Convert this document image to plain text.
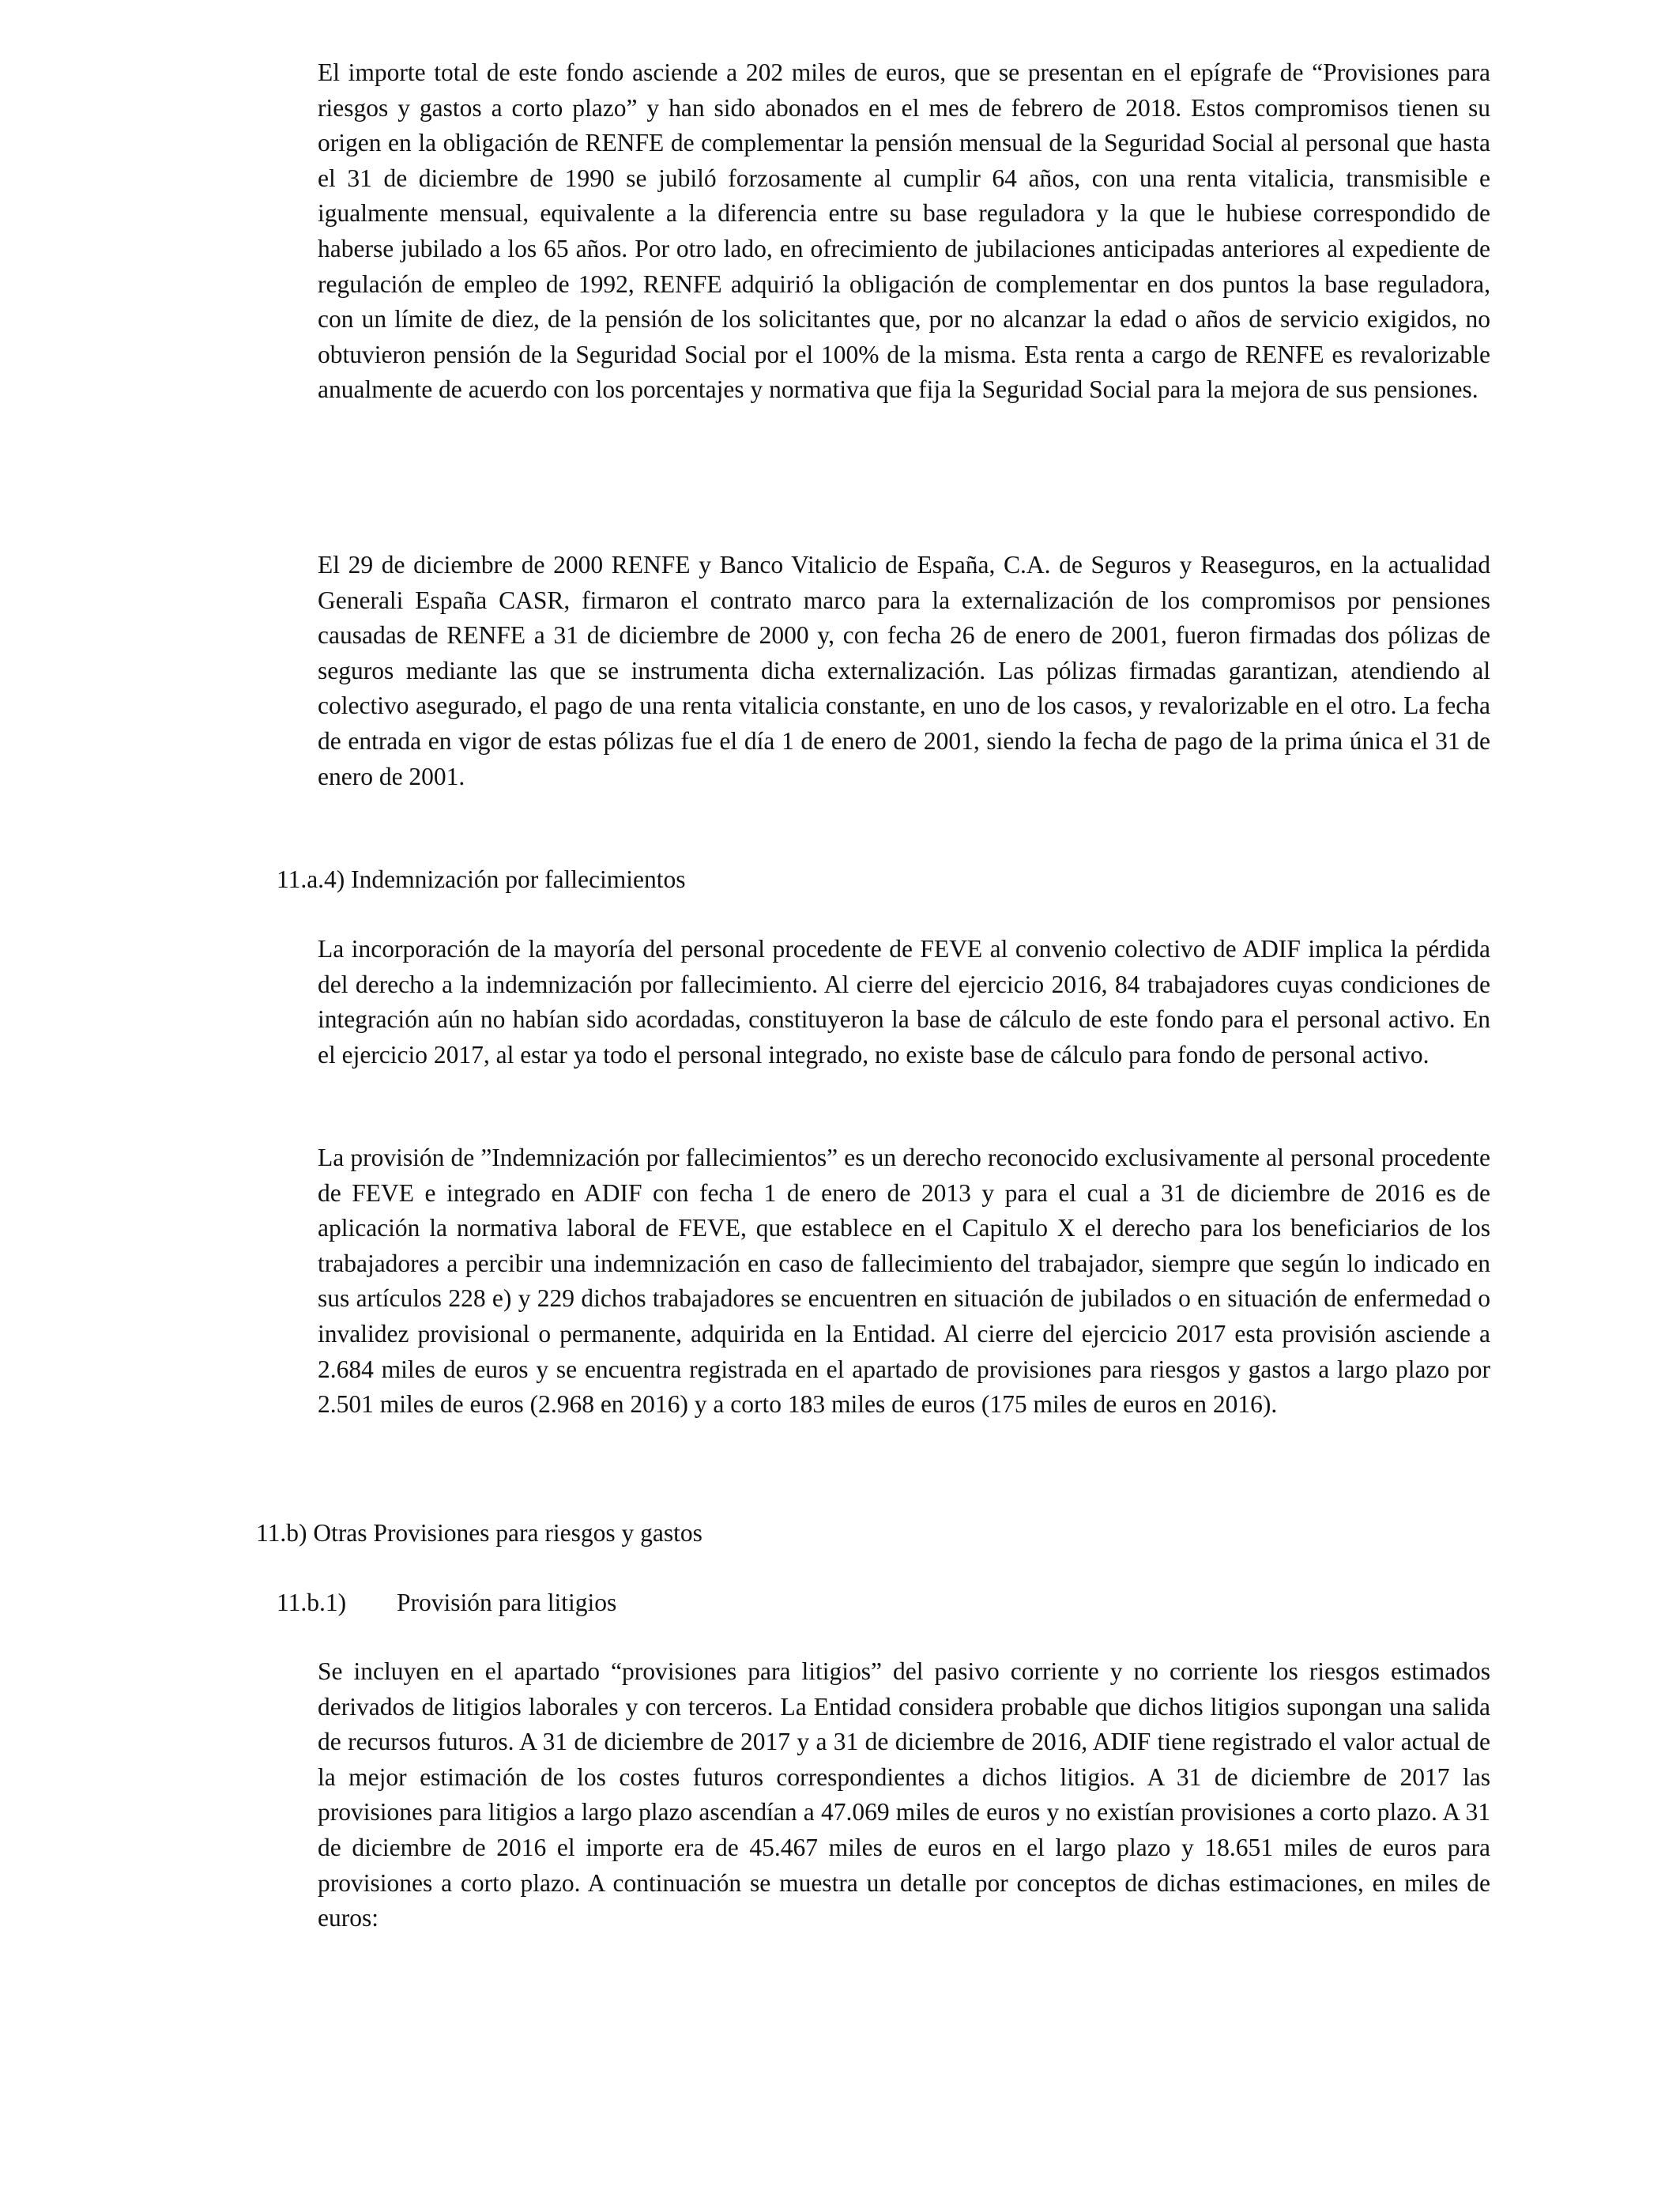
El importe total de este fondo asciende a 202 miles de euros, que se presentan en el epígrafe de “Provisiones para riesgos y gastos a corto plazo” y han sido abonados en el mes de febrero de 2018. Estos compromisos tienen su origen en la obligación de RENFE de complementar la pensión mensual de la Seguridad Social al personal que hasta el 31 de diciembre de 1990 se jubiló forzosamente al cumplir 64 años, con una renta vitalicia, transmisible e igualmente mensual, equivalente a la diferencia entre su base reguladora y la que le hubiese correspondido de haberse jubilado a los 65 años. Por otro lado, en ofrecimiento de jubilaciones anticipadas anteriores al expediente de regulación de empleo de 1992, RENFE adquirió la obligación de complementar en dos puntos la base reguladora, con un límite de diez, de la pensión de los solicitantes que, por no alcanzar la edad o años de servicio exigidos, no obtuvieron pensión de la Seguridad Social por el 100% de la misma. Esta renta a cargo de RENFE es revalorizable anualmente de acuerdo con los porcentajes y normativa que fija la Seguridad Social para la mejora de sus pensiones.

El 29 de diciembre de 2000 RENFE y Banco Vitalicio de España, C.A. de Seguros y Reaseguros, en la actualidad Generali España CASR, firmaron el contrato marco para la externalización de los compromisos por pensiones causadas de RENFE a 31 de diciembre de 2000 y, con fecha 26 de enero de 2001, fueron firmadas dos pólizas de seguros mediante las que se instrumenta dicha externalización. Las pólizas firmadas garantizan, atendiendo al colectivo asegurado, el pago de una renta vitalicia constante, en uno de los casos, y revalorizable en el otro. La fecha de entrada en vigor de estas pólizas fue el día 1 de enero de 2001, siendo la fecha de pago de la prima única el 31 de enero de 2001.

11.a.4) Indemnización por fallecimientos

La incorporación de la mayoría del personal procedente de FEVE al convenio colectivo de ADIF implica la pérdida del derecho a la indemnización por fallecimiento. Al cierre del ejercicio 2016, 84 trabajadores cuyas condiciones de integración aún no habían sido acordadas, constituyeron la base de cálculo de este fondo para el personal activo. En el ejercicio 2017, al estar ya todo el personal integrado, no existe base de cálculo para fondo de personal activo.

La provisión de ”Indemnización por fallecimientos” es un derecho reconocido exclusivamente al personal procedente de FEVE e integrado en ADIF con fecha 1 de enero de 2013 y para el cual a 31 de diciembre de 2016 es de aplicación la normativa laboral de FEVE, que establece en el Capitulo X el derecho para los beneficiarios de los trabajadores a percibir una indemnización en caso de fallecimiento del trabajador, siempre que según lo indicado en sus artículos 228 e) y 229 dichos trabajadores se encuentren en situación de jubilados o en situación de enfermedad o invalidez provisional o permanente, adquirida en la Entidad. Al cierre del ejercicio 2017 esta provisión asciende a 2.684 miles de euros y se encuentra registrada en el apartado de provisiones para riesgos y gastos a largo plazo por 2.501 miles de euros (2.968 en 2016) y a corto 183 miles de euros (175 miles de euros en 2016).

11.b) Otras Provisiones para riesgos y gastos

11.b.1) Provisión para litigios

Se incluyen en el apartado “provisiones para litigios” del pasivo corriente y no corriente los riesgos estimados derivados de litigios laborales y con terceros. La Entidad considera probable que dichos litigios supongan una salida de recursos futuros. A 31 de diciembre de 2017 y a 31 de diciembre de 2016, ADIF tiene registrado el valor actual de la mejor estimación de los costes futuros correspondientes a dichos litigios. A 31 de diciembre de 2017 las provisiones para litigios a largo plazo ascendían a 47.069 miles de euros y no existían provisiones a corto plazo. A 31 de diciembre de 2016 el importe era de 45.467 miles de euros en el largo plazo y 18.651 miles de euros para provisiones a corto plazo. A continuación se muestra un detalle por conceptos de dichas estimaciones, en miles de euros:
